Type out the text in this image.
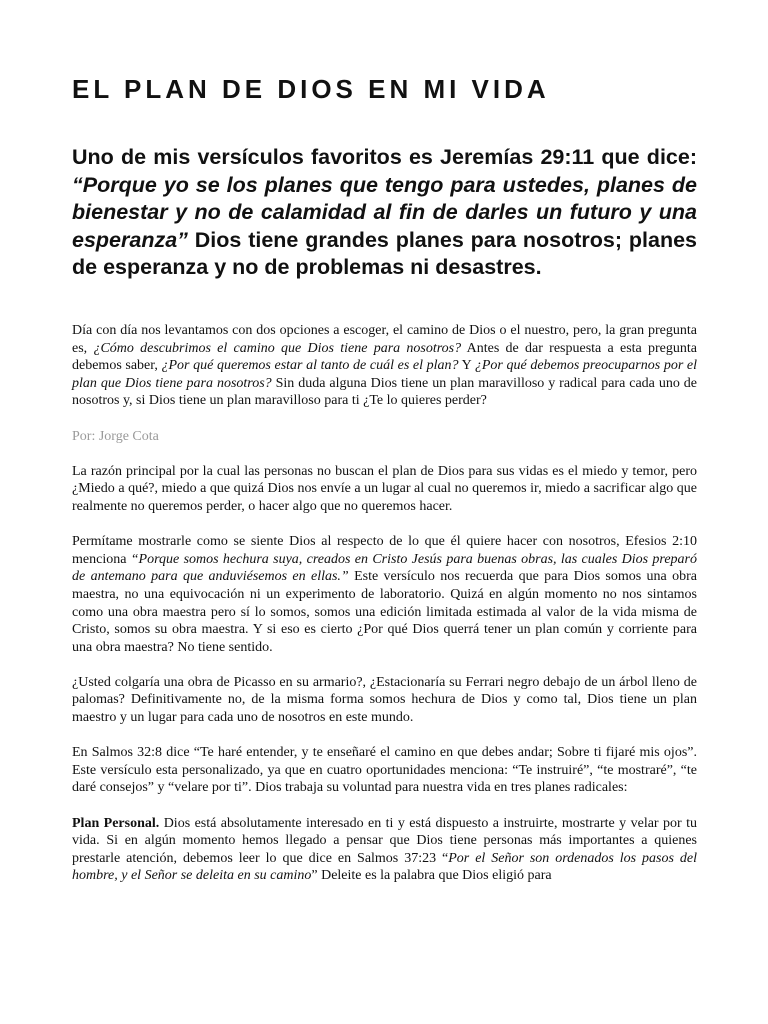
EL PLAN DE DIOS EN MI VIDA

Uno de mis versículos favoritos es Jeremías 29:11 que dice: “Porque yo se los planes que tengo para ustedes, planes de bienestar y no de calamidad al fin de darles un futuro y una esperanza” Dios tiene grandes planes para nosotros; planes de esperanza y no de problemas ni desastres.

Día con día nos levantamos con dos opciones a escoger, el camino de Dios o el nuestro, pero, la gran pregunta es, ¿Cómo descubrimos el camino que Dios tiene para nosotros? Antes de dar respuesta a esta pregunta debemos saber, ¿Por qué queremos estar al tanto de cuál es el plan? Y ¿Por qué debemos preocuparnos por el plan que Dios tiene para nosotros? Sin duda alguna Dios tiene un plan maravilloso y radical para cada uno de nosotros y, si Dios tiene un plan maravilloso para ti ¿Te lo quieres perder?

Por: Jorge Cota

La razón principal por la cual las personas no buscan el plan de Dios para sus vidas es el miedo y temor, pero ¿Miedo a qué?, miedo a que quizá Dios nos envíe a un lugar al cual no queremos ir, miedo a sacrificar algo que realmente no queremos perder, o hacer algo que no queremos hacer.

Permítame mostrarle como se siente Dios al respecto de lo que él quiere hacer con nosotros, Efesios 2:10 menciona “Porque somos hechura suya, creados en Cristo Jesús para buenas obras, las cuales Dios preparó de antemano para que anduviésemos en ellas.” Este versículo nos recuerda que para Dios somos una obra maestra, no una equivocación ni un experimento de laboratorio. Quizá en algún momento no nos sintamos como una obra maestra pero sí lo somos, somos una edición limitada estimada al valor de la vida misma de Cristo, somos su obra maestra. Y si eso es cierto ¿Por qué Dios querrá tener un plan común y corriente para una obra maestra? No tiene sentido.

¿Usted colgaría una obra de Picasso en su armario?, ¿Estacionaría su Ferrari negro debajo de un árbol lleno de palomas? Definitivamente no, de la misma forma somos hechura de Dios y como tal, Dios tiene un plan maestro y un lugar para cada uno de nosotros en este mundo.

En Salmos 32:8 dice “Te haré entender, y te enseñaré el camino en que debes andar; Sobre ti fijaré mis ojos”. Este versículo esta personalizado, ya que en cuatro oportunidades menciona: “Te instruiré”, “te mostraré”, “te daré consejos” y “velare por ti”. Dios trabaja su voluntad para nuestra vida en tres planes radicales:

Plan Personal. Dios está absolutamente interesado en ti y está dispuesto a instruirte, mostrarte y velar por tu vida. Si en algún momento hemos llegado a pensar que Dios tiene personas más importantes a quienes prestarle atención, debemos leer lo que dice en Salmos 37:23 “Por el Señor son ordenados los pasos del hombre, y el Señor se deleita en su camino” Deleite es la palabra que Dios eligió para
